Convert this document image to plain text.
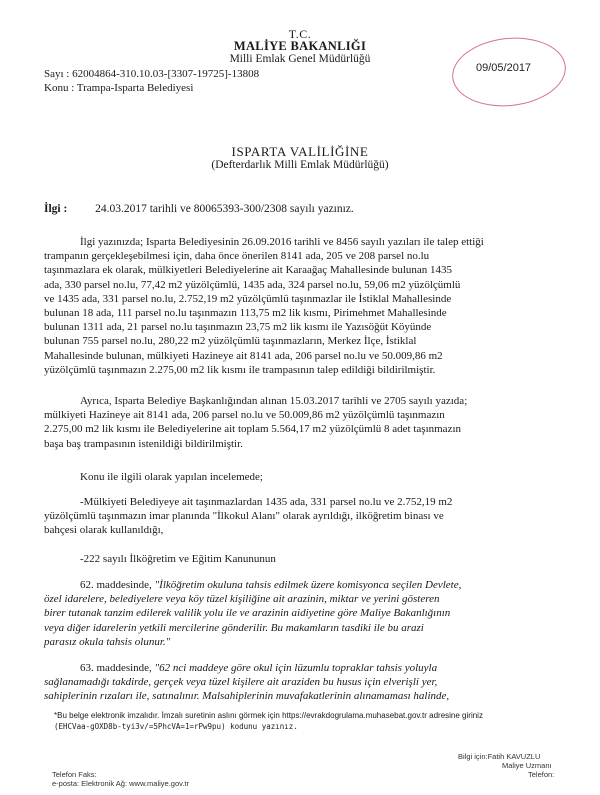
T.C.
MALİYE BAKANLIĞI
Milli Emlak Genel Müdürlüğü
Sayı : 62004864-310.10.03-[3307-19725]-13808
Konu : Trampa-Isparta Belediyesi
09/05/2017
ISPARTA VALİLİĞİNE
(Defterdarlık Milli Emlak Müdürlüğü)
İlgi : 24.03.2017 tarihli ve 80065393-300/2308 sayılı yazınız.
İlgi yazınızda; Isparta Belediyesinin 26.09.2016 tarihli ve 8456 sayılı yazıları ile talep ettiği
trampanın gerçekleşebilmesi için, daha önce önerilen 8141 ada, 205 ve 208 parsel no.lu
taşınmazlara ek olarak, mülkiyetleri Belediyelerine ait Karaağaç Mahallesinde bulunan 1435
ada, 330 parsel no.lu, 77,42 m2 yüzölçümlü, 1435 ada, 324 parsel no.lu, 59,06 m2 yüzölçümlü
ve 1435 ada, 331 parsel no.lu, 2.752,19 m2 yüzölçümlü taşınmazlar ile İstiklal Mahallesinde
bulunan 18 ada, 111 parsel no.lu taşınmazın 113,75 m2 lik kısmı, Pirimehmet Mahallesinde
bulunan 1311 ada, 21 parsel no.lu taşınmazın 23,75 m2 lik kısmı ile Yazısöğüt Köyünde
bulunan 755 parsel no.lu, 280,22 m2 yüzölçümlü taşınmazların, Merkez İlçe, İstiklal
Mahallesinde bulunan, mülkiyeti Hazineye ait 8141 ada, 206 parsel no.lu ve 50.009,86 m2
yüzölçümlü taşınmazın 2.275,00 m2 lik kısmı ile trampasının talep edildiği bildirilmiştir.
Ayrıca, Isparta Belediye Başkanlığından alınan 15.03.2017 tarihli ve 2705 sayılı yazıda;
mülkiyeti Hazineye ait 8141 ada, 206 parsel no.lu ve 50.009,86 m2 yüzölçümlü taşınmazın
2.275,00 m2 lik kısmı ile Belediyelerine ait toplam 5.564,17 m2 yüzölçümlü 8 adet taşınmazın
başa baş trampasının istenildiği bildirilmiştir.
Konu ile ilgili olarak yapılan incelemede;
-Mülkiyeti Belediyeye ait taşınmazlardan 1435 ada, 331 parsel no.lu ve 2.752,19 m2
yüzölçümlü taşınmazın imar planında "İlkokul Alanı" olarak ayrıldığı, ilköğretim binası ve
bahçesi olarak kullanıldığı,
-222 sayılı İlköğretim ve Eğitim Kanununun
62. maddesinde, "İlköğretim okuluna tahsis edilmek üzere komisyonca seçilen Devlete,
özel idarelere, belediyelere veya köy tüzel kişiliğine ait arazinin, miktar ve yerini gösteren
birer tutanak tanzim edilerek valilik yolu ile ve arazinin aidiyetine göre Maliye Bakanlığının
veya diğer idarelerin yetkili mercilerine gönderilir. Bu makamların tasdiki ile bu arazi
parasız okula tahsis olunur."
63. maddesinde, "62 nci maddeye göre okul için lüzumlu topraklar tahsis yoluyla
sağlanamadığı takdirde, gerçek veya tüzel kişilere ait araziden bu husus için elverişli yer,
sahiplerinin rızaları ile, satınalınır. Malsahiplerinin muvafakatlerinin alınamaması halinde,
*Bu belge elektronik imzalıdır. İmzalı suretinin aslını görmek için https://evrakdogrulama.muhasebat.gov.tr adresine giriniz
(EHCVaa-gOXD8b-tyi3v/=5PhcVA=1=rPw9pu) kodunu yazınız.
Telefon Faks:
e-posta: Elektronik Ağ: www.maliye.gov.tr
Bilgi için:Fatih KAVUZLU
Maliye Uzmanı
Telefon:
